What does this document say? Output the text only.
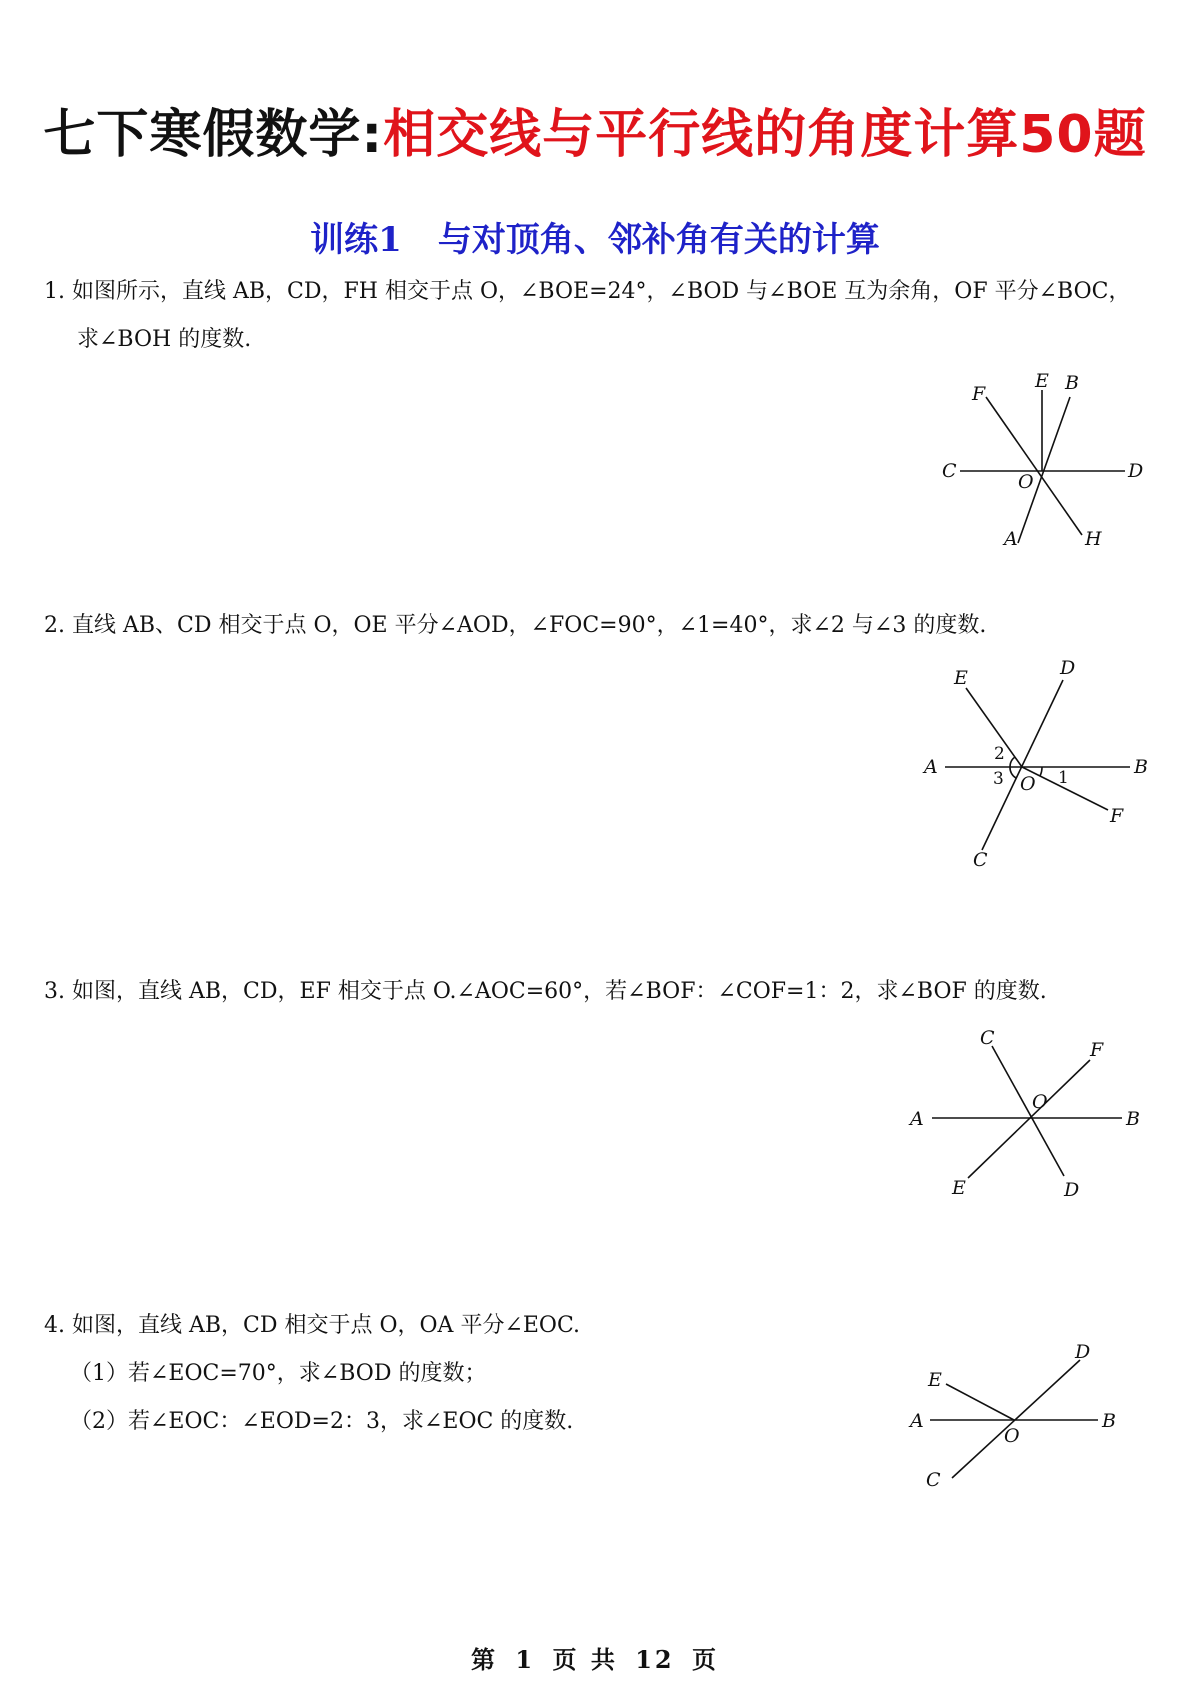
七下寒假数学:相交线与平行线的角度计算50题
训练1 与对顶角、邻补角有关的计算
1. 如图所示，直线 AB，CD，FH 相交于点 O，∠BOE=24°，∠BOD 与∠BOE 互为余角，OF 平分∠BOC，
求∠BOH 的度数.
F
E B
C	O	D
A	H
2. 直线 AB、CD 相交于点 O，OE 平分∠AOD，∠FOC=90°，∠1=40°，求∠2 与∠3 的度数.
E	D
A	B
O
F
C
1
2
3
3. 如图，直线 AB，CD，EF 相交于点 O.∠AOC=60°，若∠BOF：∠COF=1：2，求∠BOF 的度数.
C
F
O
A	B
E	D
4. 如图，直线 AB，CD 相交于点 O，OA 平分∠EOC.
（1）若∠EOC=70°，求∠BOD 的度数；
（2）若∠EOC：∠EOD=2：3，求∠EOC 的度数.
E
D
A	B
O
C
第 1 页 共 12 页
